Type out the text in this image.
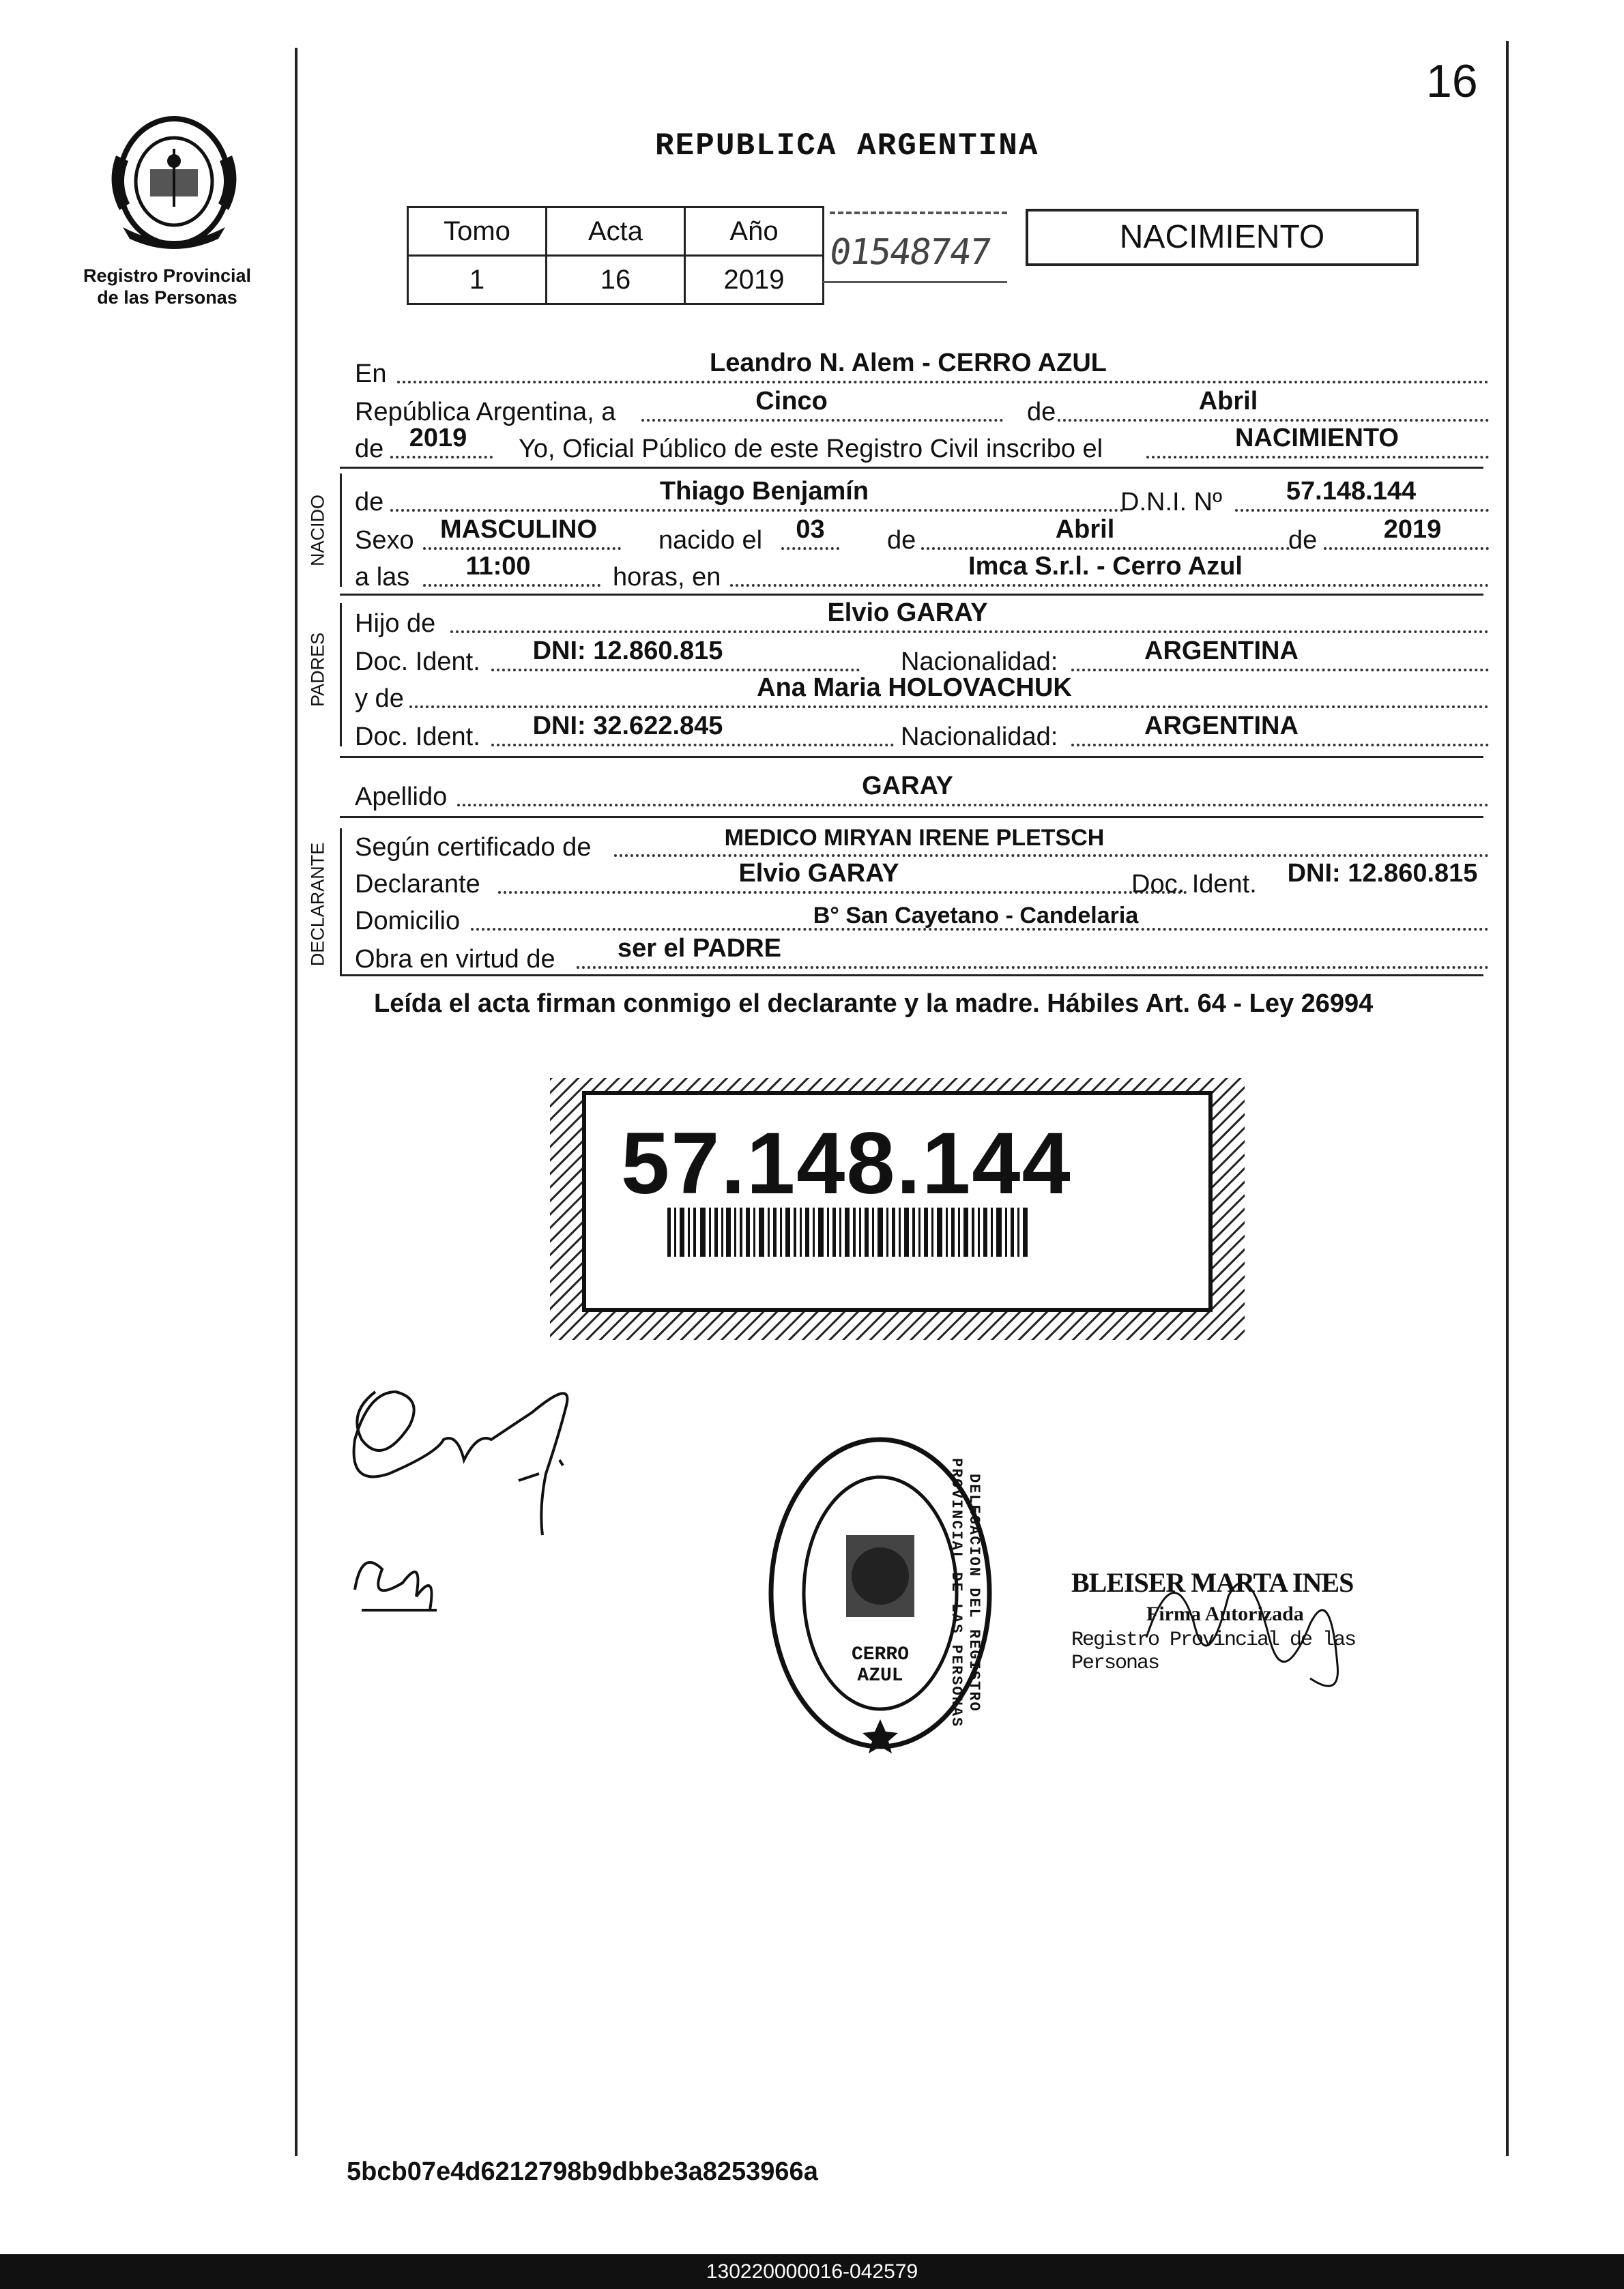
Registro Provincial
de las Personas
16
REPUBLICA ARGENTINA
Tomo	Acta	Año
1	16	2019
01548747	NACIMIENTO
En	Leandro N. Alem - CERRO AZUL
República Argentina, a	Cinco	de	Abril
de 2019	Yo, Oficial Público de este Registro Civil inscribo el	NACIMIENTO
NACIDO de	Thiago Benjamín	D.N.I. Nº	57.148.144
Sexo	MASCULINO	nacido el	03	de	Abril	de	2019
a las	11:00	horas, en	Imca S.r.l. - Cerro Azul
PADRES
Hijo de	Elvio GARAY
Doc. Ident.	DNI: 12.860.815	Nacionalidad:	ARGENTINA
y de	Ana Maria HOLOVACHUK
Doc. Ident.	DNI: 32.622.845	Nacionalidad:	ARGENTINA
Apellido	GARAY
DECLARANTE Según certificado de	MEDICO MIRYAN IRENE PLETSCH
Declarante	Elvio GARAY	Doc. Ident.	DNI: 12.860.815
Domicilio	B° San Cayetano - Candelaria
Obra en virtud de	ser el PADRE
Leída el acta firman conmigo el declarante y la madre. Hábiles Art. 64 - Ley 26994
57.148.144
DELEGACION DEL REGISTRO PROVINCIAL DE LAS PERSONAS
CERRO AZUL
BLEISER MARTA INES
Firma Autorizada
Registro Provincial de las Personas
5bcb07e4d6212798b9dbbe3a8253966a
130220000016-042579
